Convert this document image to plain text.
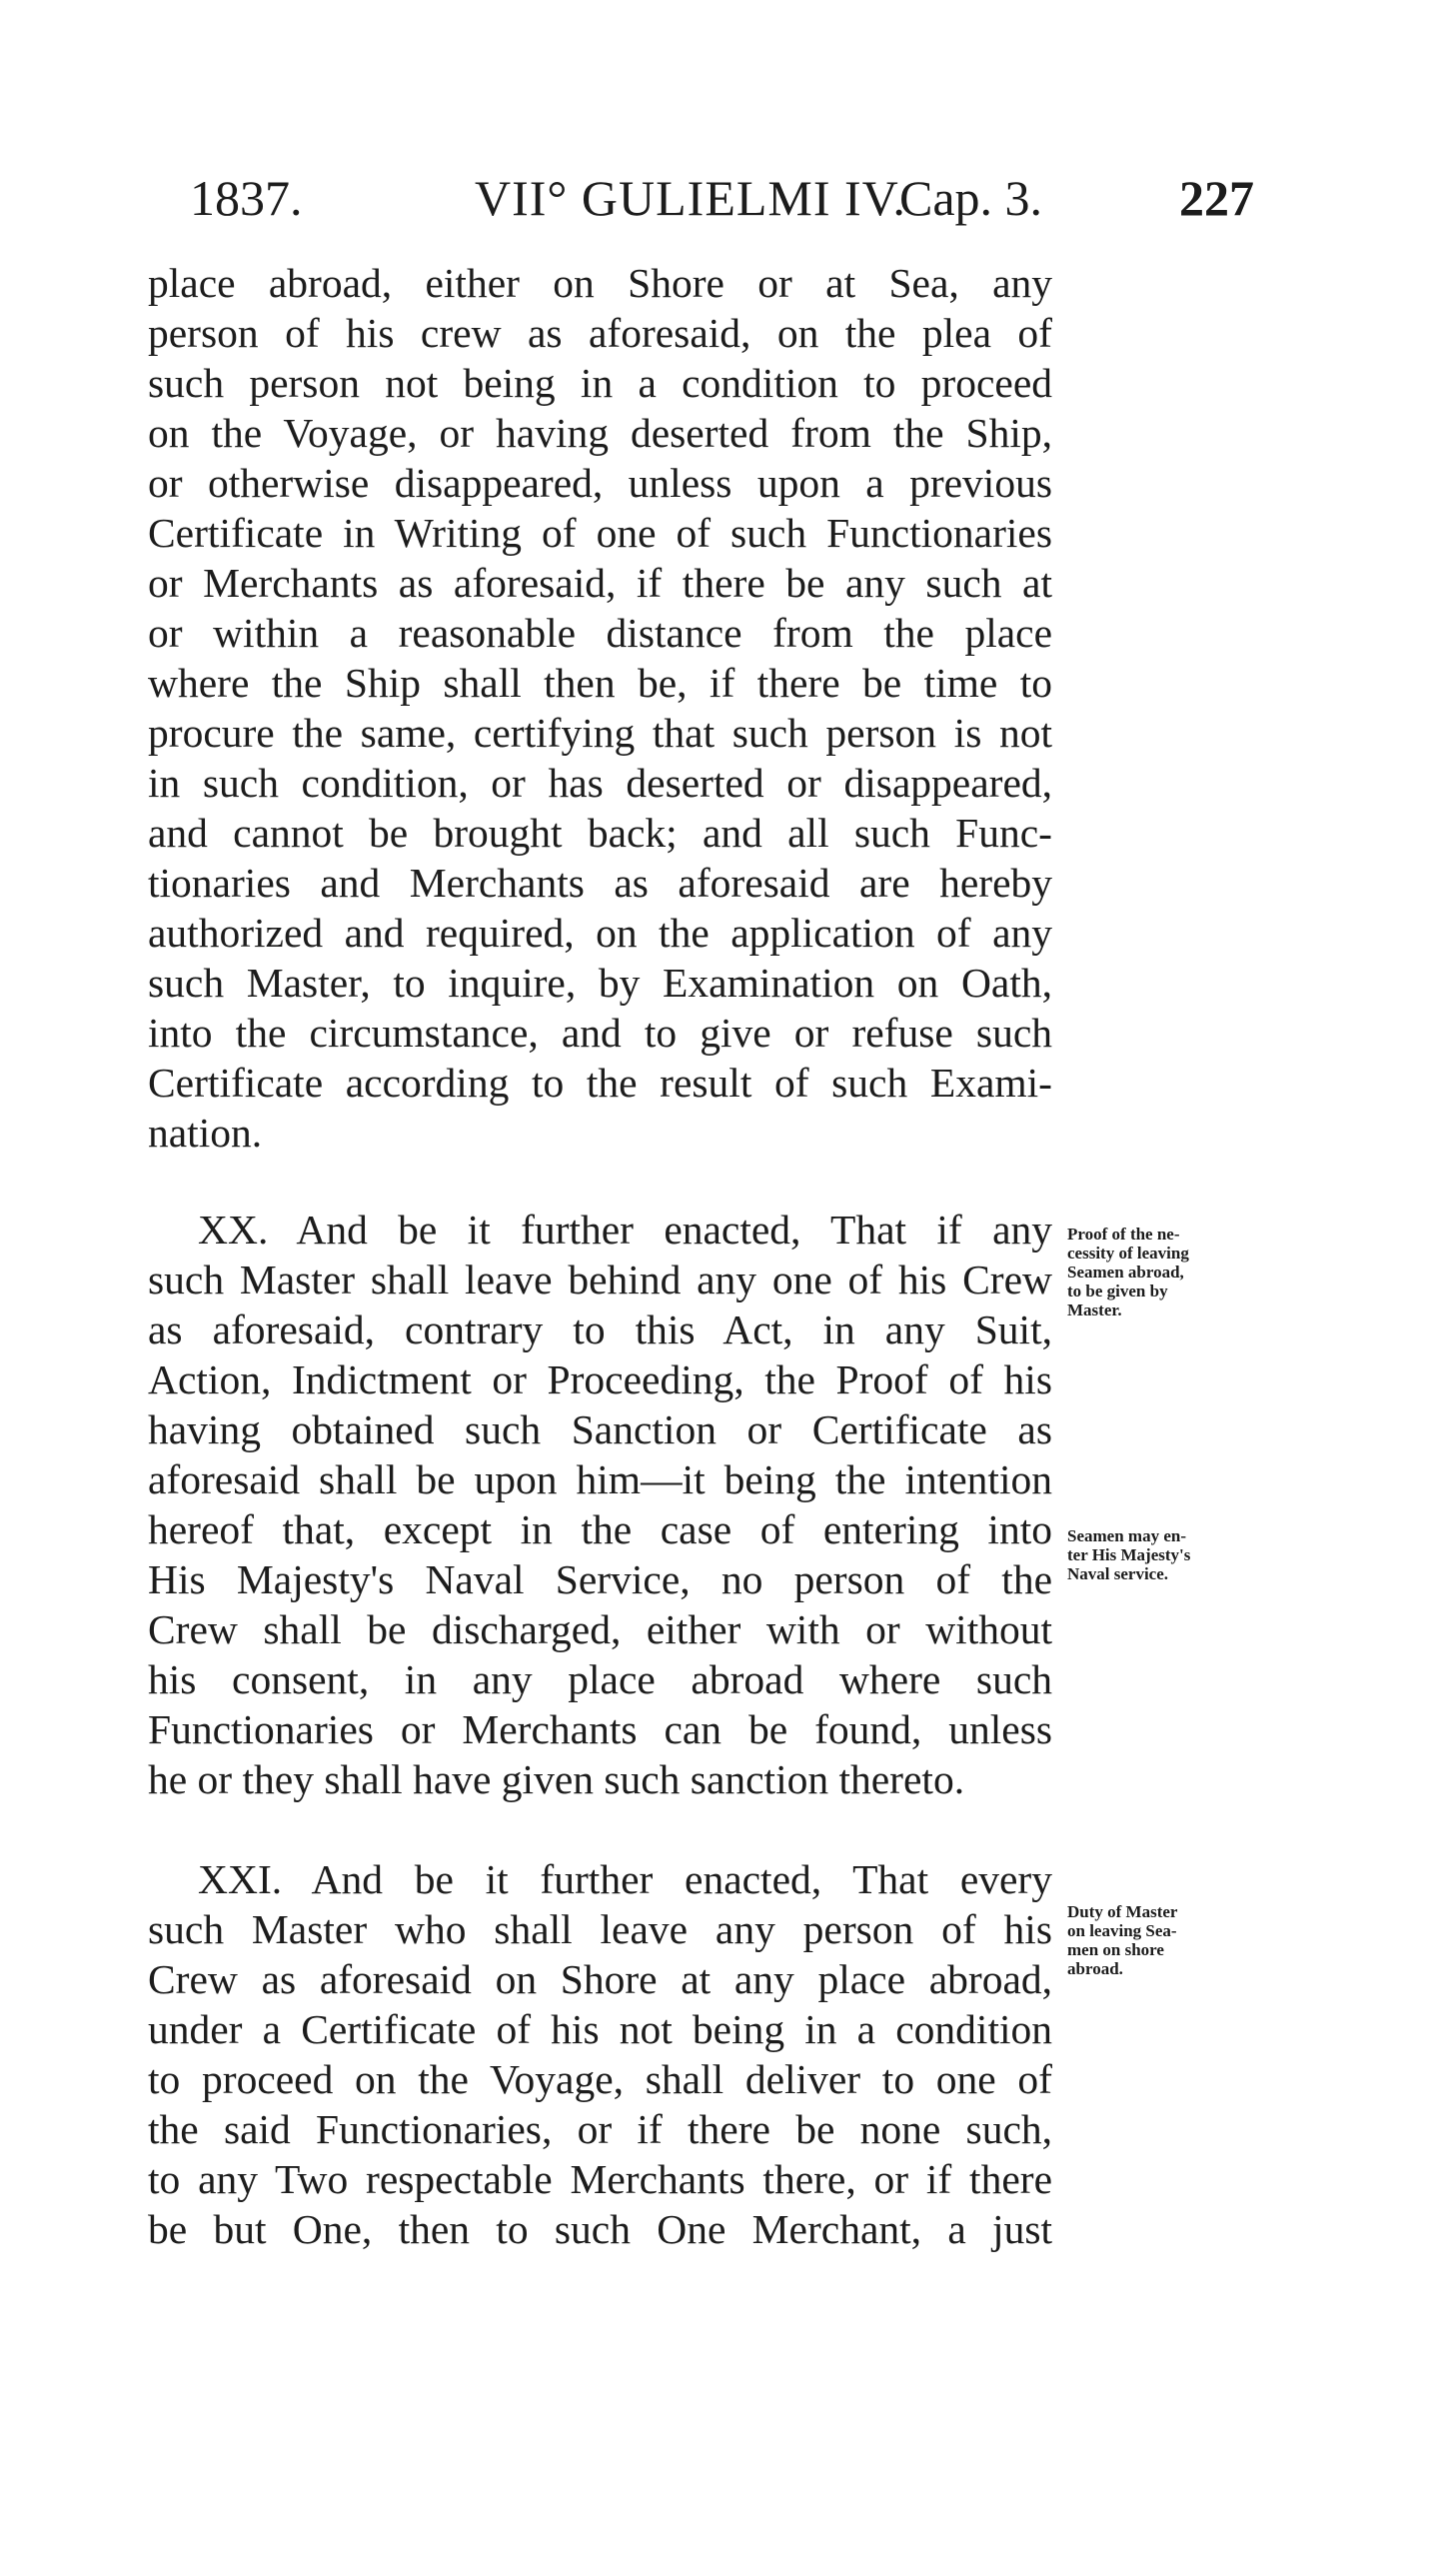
1837.	VII° GULIELMI IV.
Cap. 3.	227
place abroad, either on Shore or at Sea, any
person of his crew as aforesaid, on the plea of
such person not being in a condition to proceed
on the Voyage, or having deserted from the Ship,
or otherwise disappeared, unless upon a previous
Certificate in Writing of one of such Functionaries
or Merchants as aforesaid, if there be any such at
or within a reasonable distance from the place
where the Ship shall then be, if there be time to
procure the same, certifying that such person is not
in such condition, or has deserted or disappeared,
and cannot be brought back; and all such Func-
tionaries and Merchants as aforesaid are hereby
authorized and required, on the application of any
such Master, to inquire, by Examination on Oath,
into the circumstance, and to give or refuse such
Certificate according to the result of such Exami-
nation.
XX. And be it further enacted, That if any
such Master shall leave behind any one of his Crew
as aforesaid, contrary to this Act, in any Suit,
Action, Indictment or Proceeding, the Proof of his
having obtained such Sanction or Certificate as
aforesaid shall be upon him—it being the intention
hereof that, except in the case of entering into
His Majesty's Naval Service, no person of the
Crew shall be discharged, either with or without
his consent, in any place abroad where such
Functionaries or Merchants can be found, unless
he or they shall have given such sanction thereto.
XXI. And be it further enacted, That every
such Master who shall leave any person of his
Crew as aforesaid on Shore at any place abroad,
under a Certificate of his not being in a condition
to proceed on the Voyage, shall deliver to one of
the said Functionaries, or if there be none such,
to any Two respectable Merchants there, or if there
be but One, then to such One Merchant, a just
Proof of the ne-
cessity of leaving
Seamen abroad,
to be given by
Master.
Seamen may en-
ter His Majesty's
Naval service.
Duty of Master
on leaving Sea-
men on shore
abroad.
